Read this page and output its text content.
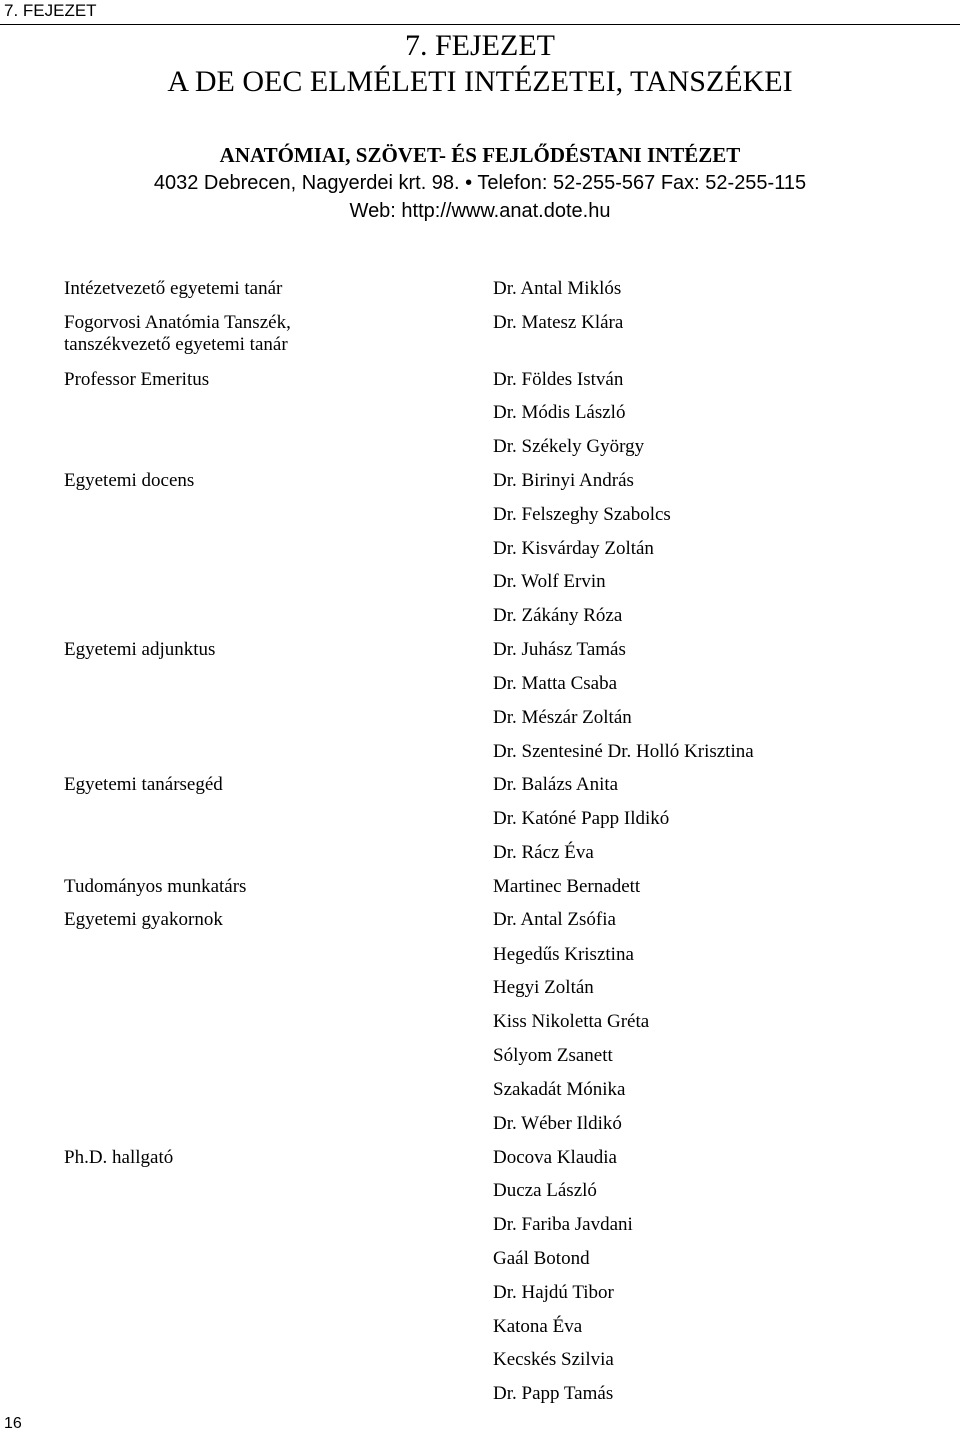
7. FEJEZET
7. FEJEZET
A DE OEC ELMÉLETI INTÉZETEI, TANSZÉKEI
ANATÓMIAI, SZÖVET- ÉS FEJLŐDÉSTANI INTÉZET
4032 Debrecen, Nagyerdei krt. 98. • Telefon: 52-255-567 Fax: 52-255-115
Web: http://www.anat.dote.hu
Intézetvezető egyetemi tanár
Fogorvosi Anatómia Tanszék,
tanszékvezető egyetemi tanár
Professor Emeritus
Egyetemi docens
Egyetemi adjunktus
Egyetemi tanársegéd
Tudományos munkatárs
Egyetemi gyakornok
Ph.D. hallgató
Dr. Antal Miklós
Dr. Matesz Klára
Dr. Földes István
Dr. Módis László
Dr. Székely György
Dr. Birinyi András
Dr. Felszeghy Szabolcs
Dr. Kisvárday Zoltán
Dr. Wolf Ervin
Dr. Zákány Róza
Dr. Juhász Tamás
Dr. Matta Csaba
Dr. Mészár Zoltán
Dr. Szentesiné Dr. Holló Krisztina
Dr. Balázs Anita
Dr. Katóné Papp Ildikó
Dr. Rácz Éva
Martinec Bernadett
Dr. Antal Zsófia
Hegedűs Krisztina
Hegyi Zoltán
Kiss Nikoletta Gréta
Sólyom Zsanett
Szakadát Mónika
Dr. Wéber Ildikó
Docova Klaudia
Ducza László
Dr. Fariba Javdani
Gaál Botond
Dr. Hajdú Tibor
Katona Éva
Kecskés Szilvia
Dr. Papp Tamás
16
